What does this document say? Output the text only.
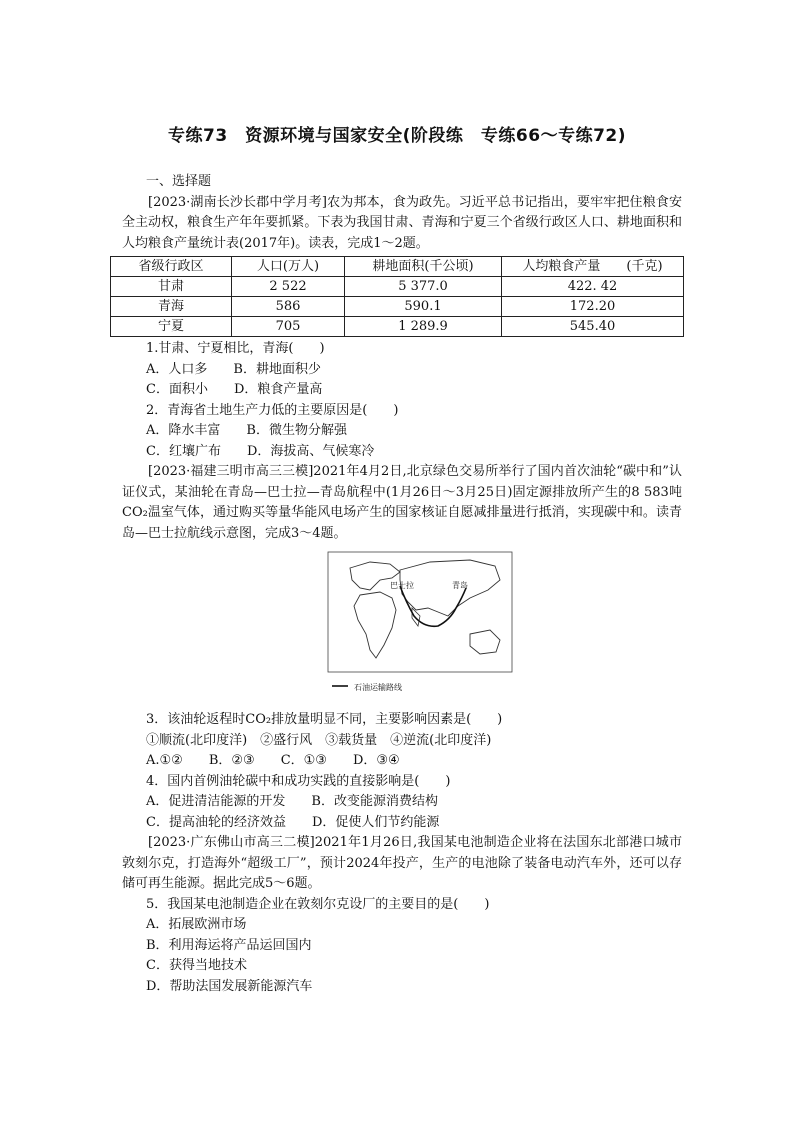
专练73　资源环境与国家安全(阶段练　专练66～专练72)
一、选择题
[2023·湖南长沙长郡中学月考]农为邦本，食为政先。习近平总书记指出，要牢牢把住粮食安全主动权，粮食生产年年要抓紧。下表为我国甘肃、青海和宁夏三个省级行政区人口、耕地面积和人均粮食产量统计表(2017年)。读表，完成1～2题。
省级行政区	人口(万人)	耕地面积(千公顷)	人均粮食产量　　(千克)
甘肃	2 522	5 377.0	422. 42
青海	586	590.1	172.20
宁夏	705	1 289.9	545.40
1.甘肃、宁夏相比，青海(　　)
A．人口多　　B．耕地面积少
C．面积小　　D．粮食产量高
2．青海省土地生产力低的主要原因是(　　)
A．降水丰富　　B．微生物分解强
C．红壤广布　　D．海拔高、气候寒冷
[2023·福建三明市高三三模]2021年4月2日,北京绿色交易所举行了国内首次油轮“碳中和”认证仪式，某油轮在青岛—巴士拉—青岛航程中(1月26日～3月25日)固定源排放所产生的8 583吨CO₂温室气体，通过购买等量华能风电场产生的国家核证自愿减排量进行抵消，实现碳中和。读青岛—巴士拉航线示意图，完成3～4题。
巴士拉	青岛
石油运输路线
3．该油轮返程时CO₂排放量明显不同，主要影响因素是(　　)
①顺流(北印度洋)　②盛行风　③载货量　④逆流(北印度洋)
A.①②　　B．②③　　C．①③　　D．③④
4．国内首例油轮碳中和成功实践的直接影响是(　　)
A．促进清洁能源的开发　　B．改变能源消费结构
C．提高油轮的经济效益　　D．促使人们节约能源
[2023·广东佛山市高三二模]2021年1月26日,我国某电池制造企业将在法国东北部港口城市敦刻尔克，打造海外“超级工厂”，预计2024年投产，生产的电池除了装备电动汽车外，还可以存储可再生能源。据此完成5～6题。
5．我国某电池制造企业在敦刻尔克设厂的主要目的是(　　)
A．拓展欧洲市场
B．利用海运将产品运回国内
C．获得当地技术
D．帮助法国发展新能源汽车
